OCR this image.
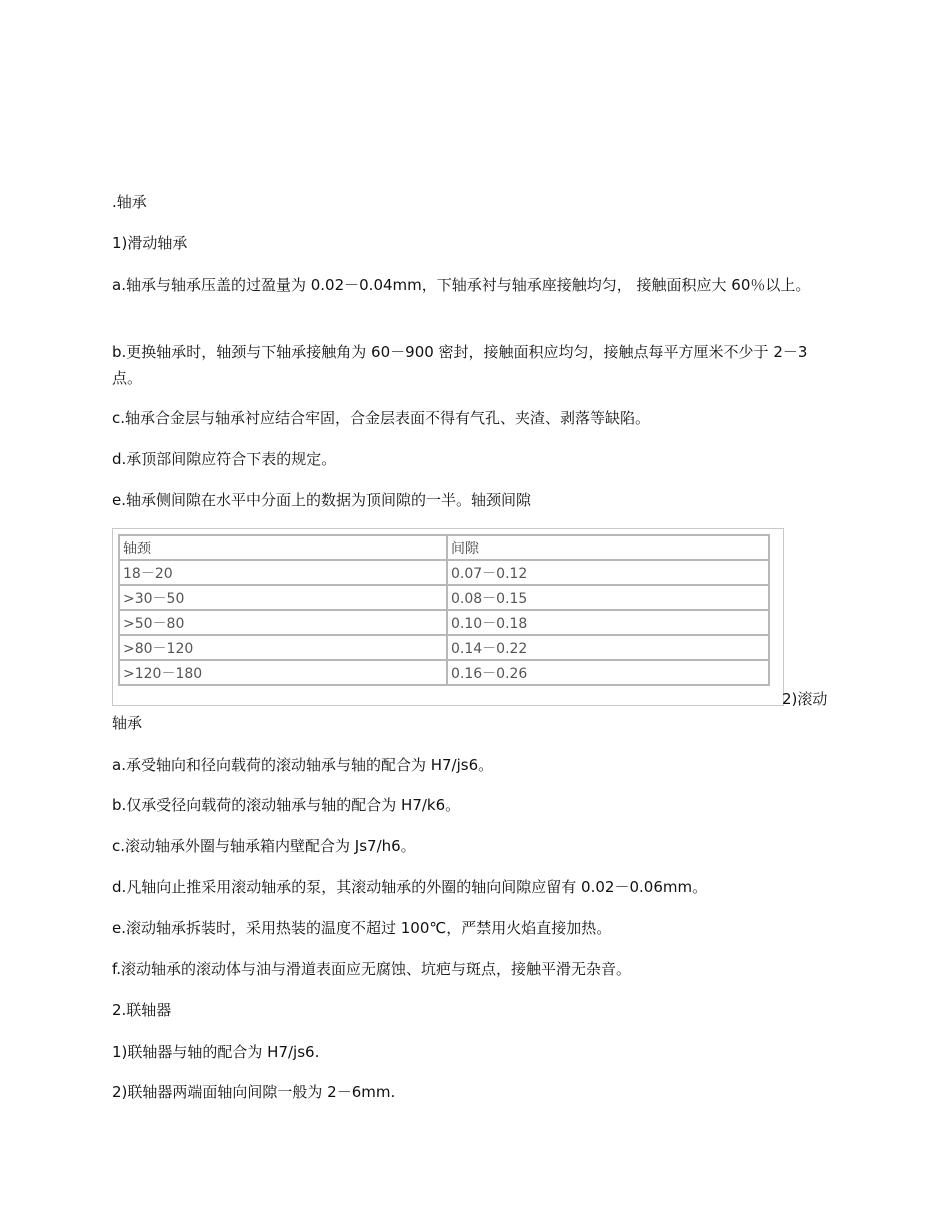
.轴承
1)滑动轴承
a.轴承与轴承压盖的过盈量为 0.02－0.04mm，下轴承衬与轴承座接触均匀， 接触面积应大 60％以上。
b.更换轴承时，轴颈与下轴承接触角为 60－900 密封，接触面积应均匀，接触点每平方厘米不少于 2－3 点。
c.轴承合金层与轴承衬应结合牢固，合金层表面不得有气孔、夹渣、剥落等缺陷。
d.承顶部间隙应符合下表的规定。
e.轴承侧间隙在水平中分面上的数据为顶间隙的一半。轴颈间隙
轴颈	间隙
18－20	0.07－0.12
>30－50	0.08－0.15
>50－80	0.10－0.18
>80－120	0.14－0.22
>120－180	0.16－0.26
2)滚动
轴承
a.承受轴向和径向载荷的滚动轴承与轴的配合为 H7/js6。
b.仅承受径向载荷的滚动轴承与轴的配合为 H7/k6。
c.滚动轴承外圈与轴承箱内壁配合为 Js7/h6。
d.凡轴向止推采用滚动轴承的泵，其滚动轴承的外圈的轴向间隙应留有 0.02－0.06mm。
e.滚动轴承拆装时，采用热装的温度不超过 100℃，严禁用火焰直接加热。
f.滚动轴承的滚动体与油与滑道表面应无腐蚀、坑疤与斑点，接触平滑无杂音。
2.联轴器
1)联轴器与轴的配合为 H7/js6.
2)联轴器两端面轴向间隙一般为 2－6mm.
